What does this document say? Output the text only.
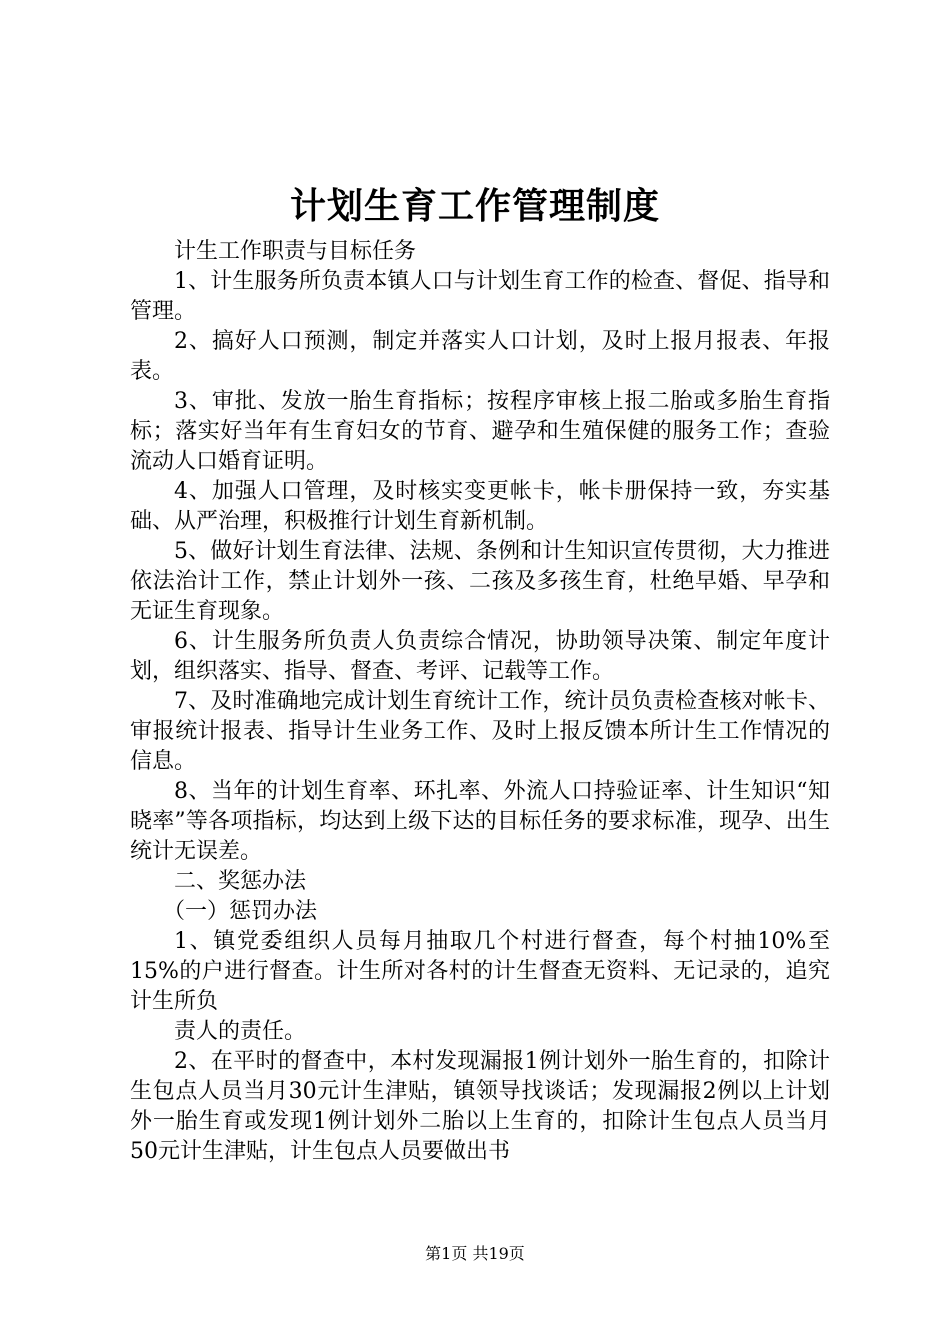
计划生育工作管理制度

计生工作职责与目标任务

1、计生服务所负责本镇人口与计划生育工作的检查、督促、指导和管理。

2、搞好人口预测，制定并落实人口计划，及时上报月报表、年报表。

3、审批、发放一胎生育指标；按程序审核上报二胎或多胎生育指标；落实好当年有生育妇女的节育、避孕和生殖保健的服务工作；查验流动人口婚育证明。

4、加强人口管理，及时核实变更帐卡，帐卡册保持一致，夯实基础、从严治理，积极推行计划生育新机制。

5、做好计划生育法律、法规、条例和计生知识宣传贯彻，大力推进依法治计工作，禁止计划外一孩、二孩及多孩生育，杜绝早婚、早孕和无证生育现象。

6、计生服务所负责人负责综合情况，协助领导决策、制定年度计划，组织落实、指导、督查、考评、记载等工作。

7、及时准确地完成计划生育统计工作，统计员负责检查核对帐卡、审报统计报表、指导计生业务工作、及时上报反馈本所计生工作情况的信息。

8、当年的计划生育率、环扎率、外流人口持验证率、计生知识“知晓率”等各项指标，均达到上级下达的目标任务的要求标准，现孕、出生统计无误差。

二、奖惩办法

（一）惩罚办法

1、镇党委组织人员每月抽取几个村进行督查，每个村抽10%至15%的户进行督查。计生所对各村的计生督查无资料、无记录的，追究计生所负

责人的责任。

2、在平时的督查中，本村发现漏报1例计划外一胎生育的，扣除计生包点人员当月30元计生津贴，镇领导找谈话；发现漏报2例以上计划外一胎生育或发现1例计划外二胎以上生育的，扣除计生包点人员当月50元计生津贴，计生包点人员要做出书

第1页 共19页
